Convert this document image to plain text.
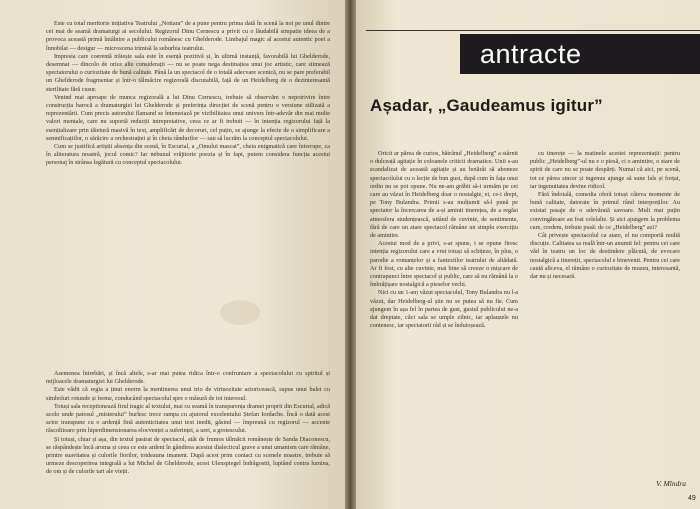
Este cu total meritorie inițiativa Teatrului „Nottara” de a pune pentru prima dată în scenă la noi pe unul dintre cei mai de seamă dramaturgi ai secolului. Regizorul Dinu Cernescu a privit cu o lăudabilă simpatie ideea de a provoca această primă întâlnire a publicului românesc cu Ghelderode. Limbajul magic al acestui autentic poet a înnobilat — desigur — microscena trimisă la suburbia teatrului.

Impresia care coerentă trăiește sala este în esență pozitivă și, în ultimă instanță, favorabilă lui Ghelderode, desemnat — dincolo de orice alte considerații — nu se poate nega destinațiea unui joc artistic, care stimează spectatorului o curiozitate de bună calitate. Până la un spectacol de o totală adecvare scenică, nu se pare preferabil un Ghelderode fragmentar și într-o tălmăcire regizorală discutabilă, față de un Heidelberg de o dezinteresantă sterilitate fără cusur.

Venind mai aproape de munca regizorală a lui Dinu Cernescu, trebuie să observăm o nepotrivire între construcția barocă a dramaturgiei lui Ghelderode și preferința direcției de scenă pentru o versiune stilizată a reprezentării. Cum precis autorului flamand se întemeiază pe vizibilitatea unui univers într-adevăr din mai multe valori mentale, care nu suportă reducții intrepretative, ceea ce ar fi trebuit — în intenția regizorului față la esențializare prin tăietură masivă în text, amplificări de decoruri, cel puțin, se ajunge la efecte de o simplificare a semnificațiilor, o sărăcire a orchestrației și în cheia rândurilor — sau să lucrăm la conceptul spectacolului.

Cum se justifică artiștii absența din scenă, în Escurial, a „Omului mascat”, cheia enigmatică care întrerupe, ca în aliteratura noastră, jocul comic? Iar nebunul vrăjitorie poezia și în fapt, putem considera funcția acestui personaj în strânsa legătură cu conceptul spectacolului.

Asemenea întrebări, și încă altele, s-ar mai putea ridica într-o confruntare a spectacolului cu spiritul și mijloacele dramaturgiei lui Ghelderode.

Este vădit că regia a ținut enorm la mentinerea unui trio de virtuozitate actoricească, supus unui balet cu simboluri rotunde și ferme, conducând spectacolul spre o măsură de tot interesul.

Totuși sala receptionează firul tragic al textului, mai cu seamă în transparența dramei proprii din Escurial, adică acolo unde patosul „misterului” burlesc trece rampa cu ajutorul excelentului Ștefan Iordache. Încă o dată acest actor transpune cu o ardență fină autenticitatea unui text inedit, găsind — împreună cu regizorul — accente răscolitoare prin hiperdimensionarea elocvenței a suferinței, a urei, a grotescului.

Și totuși, chiar și așa, din textul pastrat de spectacol, atât de frumos tălmăcit românește de Sanda Diaconescu, se răspândește încă aroma și ceea ce este ardent în gândirea acestui dialecticul grave a unui umanism care rămâne, printre suavitatea și culorile fiorilor, totdeauna imanent. După acest prim contact cu scenele noastre, trebuie să urmeze descoperirea integrală a lui Michel de Ghelderode, acest Ulenspiegel îndrăgostit, luptând contra lumina, de om și de culorile tari ale vieții.

V. Mîndra
antracte
Așadar, „Gaudeamus igitur”

Oricit ar părea de curios, bătrânul „Heidelberg” a stârnit o dulceață agitație în coloanele criticii dramatice. Unii s-au scandalizat de această agitație și au hotărât să aboneze spectacolului cu o lecție de bun gust, după cum în fața unui ordin nu se pot opune. Nu ne-am grăbit să-i urmăm pe cei care au văzut în Heidelberg doar o nostalgie, ei, ce-i drept, pe Tony Bulandra. Primii s-au mulțumit să-l pună pe spectator la încercarea de a-și aminti tinerețea, de a regăsi atmosfera studențească, uitând de cuvinte, de sentimente, fără de care un atare spectacol rămâne un simplu exercițiu de amintire.

Acestui mod de a privi, s-ar spune, i se opune firesc intenția regizorului care a vrut totuși să schițeze, în plus, o parodie a romanțelor și a fanteziilor teatrului de altădată. Ar fi fost, cu alte cuvinte, mai bine să creeze o mișcare de contrapunct între spectacol și public, care să nu rămână la o îmbrățișare nostalgică a pieselor vechi.

Nici cu un 1-am văzut spectacolul, Tony Bulandra nu l-a văzut, dar Heidelberg-ul știe nu se putea să nu fie. Cum ajungem în așa fel în partea de gust, gustul publicului ne-a dat dreptate, căci sala se umple zilnic, iar aplauzele nu contenesc, iar spectatorii râd și se înduioșează.

cu tinerețe — la matinele acestei reprezentații: pentru public „Heidelberg”-ul nu e o piesă, ci o amintire, o stare de spirit de care nu se poate despărți. Numai că aici, pe scenă, tot ce părea sincer și ingenuu ajunge să sune fals și forțat, iar ingenuitatea devine ridicol.

Fără îndoială, comedia oferă totuși câteva momente de bună calitate, datorate în primul rând interpreților. Au existat pasaje de o adevărată savoare. Mult mai puțin convingătoare au fost celelalte. Și aici ajungem la problema care, credem, trebuie pusă: de ce „Heidelberg” azi?

Cât privește spectacolul ca atare, el nu comportă multă discuție. Calitatea sa reală într-un anumit fel: pentru cei care văd în teatru un loc de destindere plăcută, de evocare nostalgică a tinereții, spectacolul e binevenit. Pentru cei care caută altceva, el rămâne o curiozitate de muzeu, interesantă, dar nu și necesară.

49
